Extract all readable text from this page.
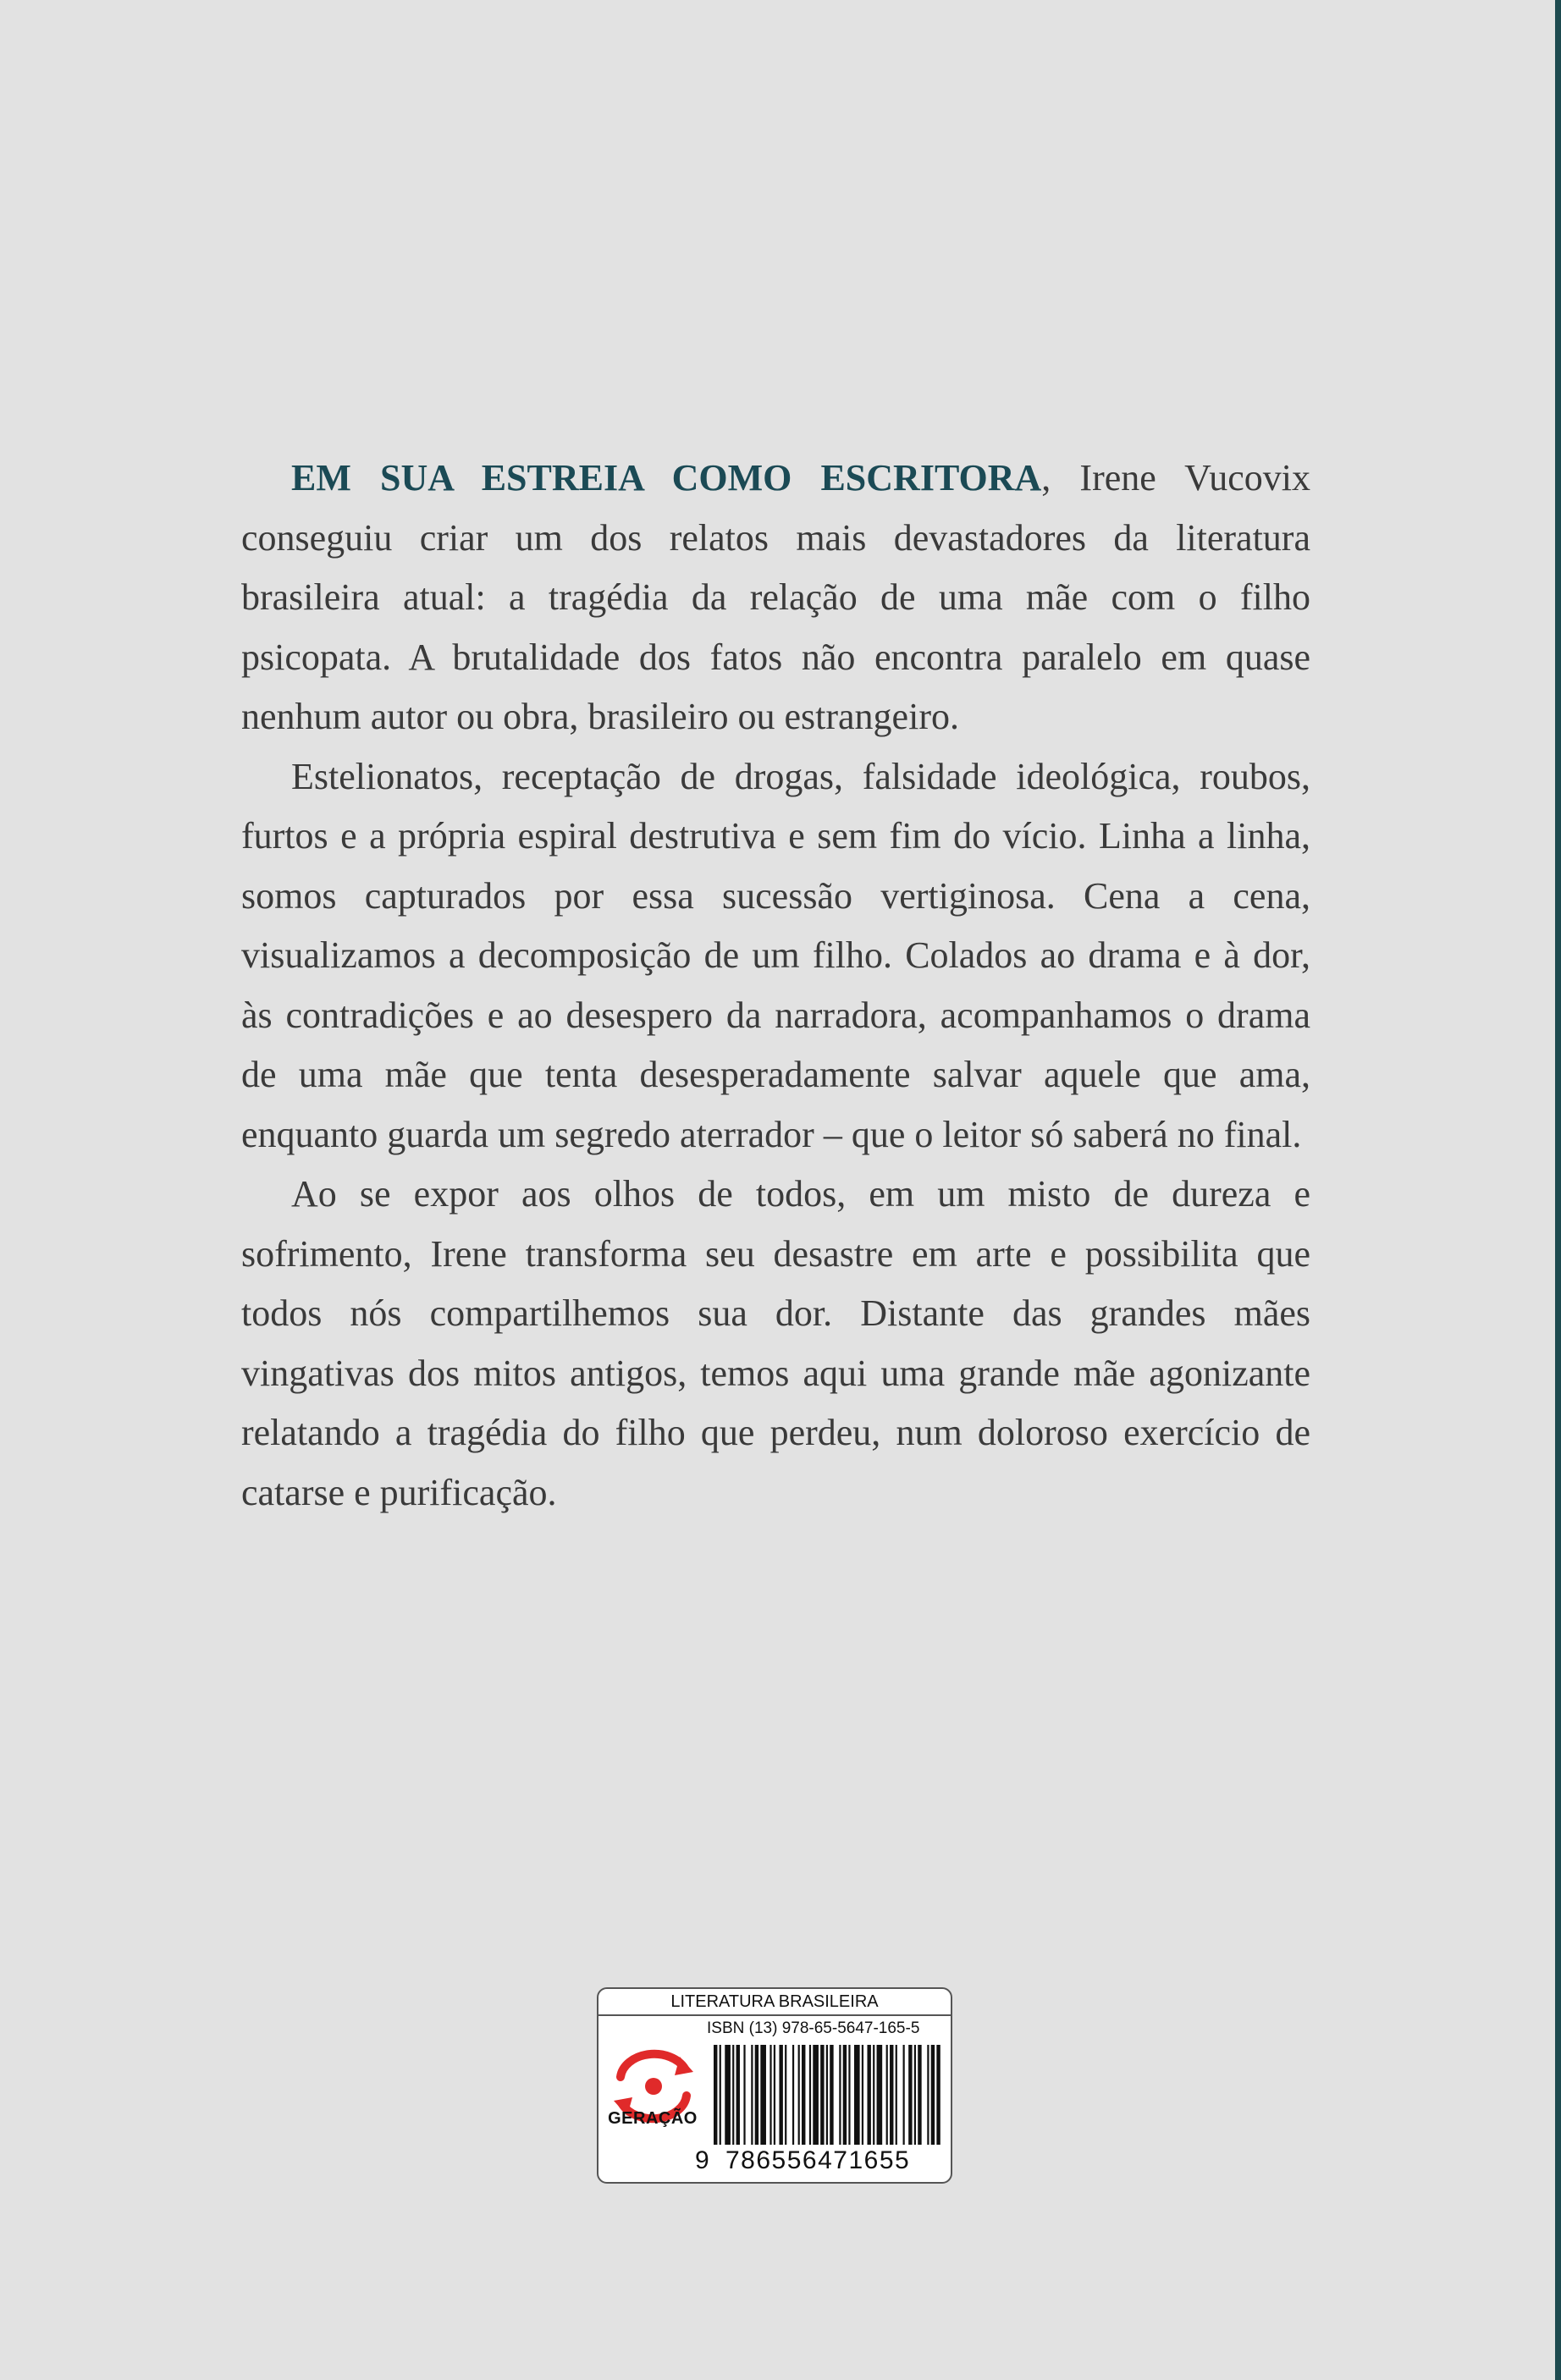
EM SUA ESTREIA COMO ESCRITORA, Irene Vucovix conseguiu criar um dos relatos mais devastadores da literatura brasileira atual: a tragédia da relação de uma mãe com o filho psicopata. A brutalidade dos fatos não encontra paralelo em quase nenhum autor ou obra, brasileiro ou estrangeiro.

Estelionatos, receptação de drogas, falsidade ideológica, roubos, furtos e a própria espiral destrutiva e sem fim do vício. Linha a linha, somos capturados por essa sucessão vertiginosa. Cena a cena, visualizamos a decomposição de um filho. Colados ao drama e à dor, às contradições e ao desespero da narradora, acompanhamos o drama de uma mãe que tenta desesperadamente salvar aquele que ama, enquanto guarda um segredo aterrador – que o leitor só saberá no final.

Ao se expor aos olhos de todos, em um misto de dureza e sofrimento, Irene transforma seu desastre em arte e possibilita que todos nós compartilhemos sua dor. Distante das grandes mães vingativas dos mitos antigos, temos aqui uma grande mãe agonizante relatando a tragédia do filho que perdeu, num doloroso exercício de catarse e purificação.

LITERATURA BRASILEIRA
ISBN (13) 978-65-5647-165-5
GERAÇÃO
9 786556471655
